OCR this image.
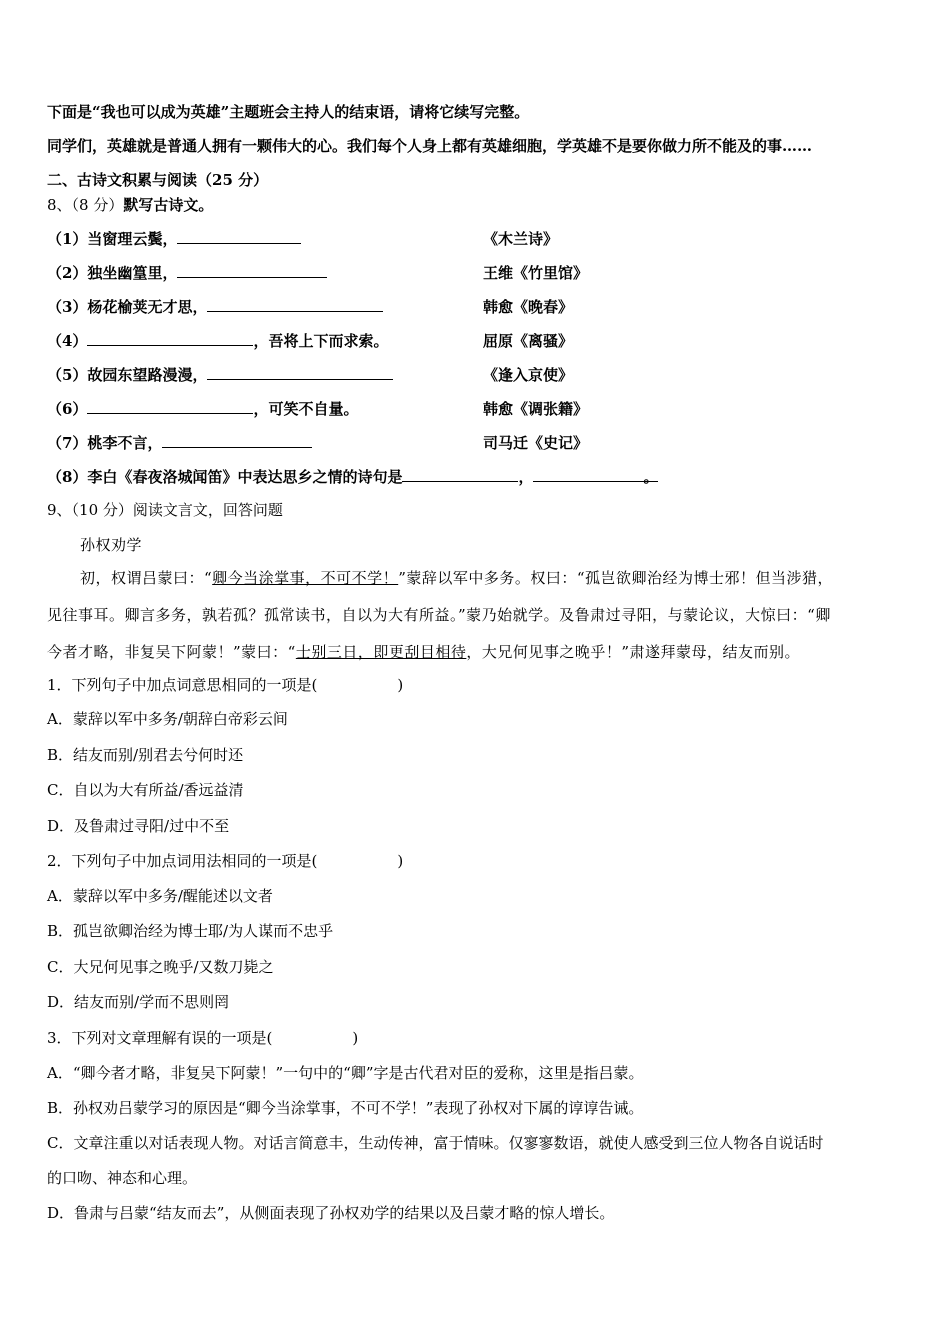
下面是“我也可以成为英雄”主题班会主持人的结束语，请将它续写完整。
同学们，英雄就是普通人拥有一颗伟大的心。我们每个人身上都有英雄细胞，学英雄不是要你做力所不能及的事……
二、古诗文积累与阅读（25 分）
8、（8 分）默写古诗文。
（1）当窗理云鬓，	《木兰诗》
（2）独坐幽篁里，	王维《竹里馆》
（3）杨花榆荚无才思，	韩愈《晚春》
（4）	，吾将上下而求索。	屈原《离骚》
（5）故园东望路漫漫，	《逢入京使》
（6）	，可笑不自量。	韩愈《调张籍》
（7）桃李不言，	司马迁《史记》
（8）李白《春夜洛城闻笛》中表达思乡之情的诗句是	，	。
9、（10 分）阅读文言文，回答问题
孙权劝学
初，权谓吕蒙曰：“卿今当涂掌事，不可不学！”蒙辞以军中多务。权曰：“孤岂欲卿治经为博士邪！但当涉猎，
见往事耳。卿言多务，孰若孤？孤常读书，自以为大有所益。”蒙乃始就学。及鲁肃过寻阳，与蒙论议，大惊曰：“卿
今者才略，非复吴下阿蒙！”蒙曰：“士别三日，即更刮目相待，大兄何见事之晚乎！”肃遂拜蒙母，结友而别。
1．下列句子中加点词意思相同的一项是(	)
A．蒙辞以军中多务/朝辞白帝彩云间
B．结友而别/别君去兮何时还
C．自以为大有所益/香远益清
D．及鲁肃过寻阳/过中不至
2．下列句子中加点词用法相同的一项是(	)
A．蒙辞以军中多务/醒能述以文者
B．孤岂欲卿治经为博士耶/为人谋而不忠乎
C．大兄何见事之晚乎/又数刀毙之
D．结友而别/学而不思则罔
3．下列对文章理解有误的一项是(	)
A．“卿今者才略，非复吴下阿蒙！”一句中的“卿”字是古代君对臣的爱称，这里是指吕蒙。
B．孙权劝吕蒙学习的原因是“卿今当涂掌事，不可不学！”表现了孙权对下属的谆谆告诫。
C．文章注重以对话表现人物。对话言简意丰，生动传神，富于情味。仅寥寥数语，就使人感受到三位人物各自说话时
的口吻、神态和心理。
D．鲁肃与吕蒙“结友而去”，从侧面表现了孙权劝学的结果以及吕蒙才略的惊人增长。
